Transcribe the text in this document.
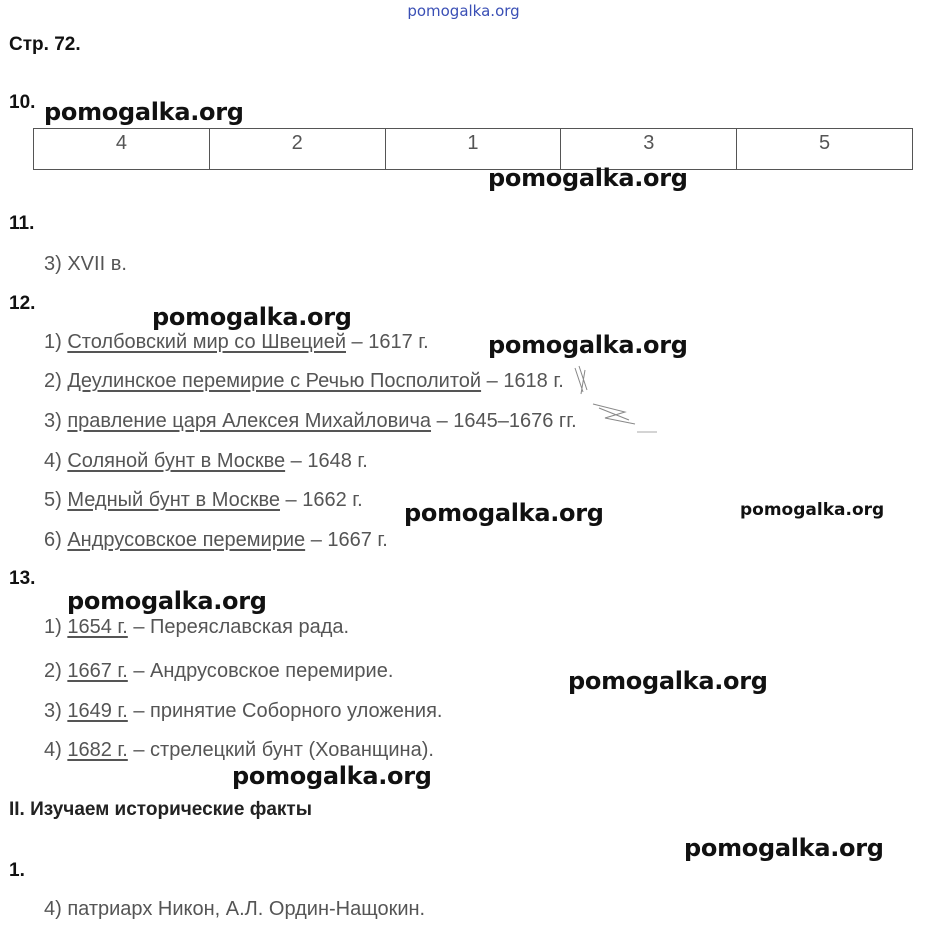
pomogalka.org
Стр. 72.
10.
4	2	1	3	5
11.
3) XVII в.
12.
1) Столбовский мир со Швецией – 1617 г.
2) Деулинское перемирие с Речью Посполитой – 1618 г.
3) правление царя Алексея Михайловича – 1645–1676 гг.
4) Соляной бунт в Москве – 1648 г.
5) Медный бунт в Москве – 1662 г.
6) Андрусовское перемирие – 1667 г.
13.
1) 1654 г. – Переяславская рада.
2) 1667 г. – Андрусовское перемирие.
3) 1649 г. – принятие Соборного уложения.
4) 1682 г. – стрелецкий бунт (Хованщина).
II. Изучаем исторические факты
1.
4) патриарх Никон, А.Л. Ордин-Нащокин.
pomogalka.org
pomogalka.org
pomogalka.org
pomogalka.org
pomogalka.org	pomogalka.org
pomogalka.org
pomogalka.org
pomogalka.org
pomogalka.org
